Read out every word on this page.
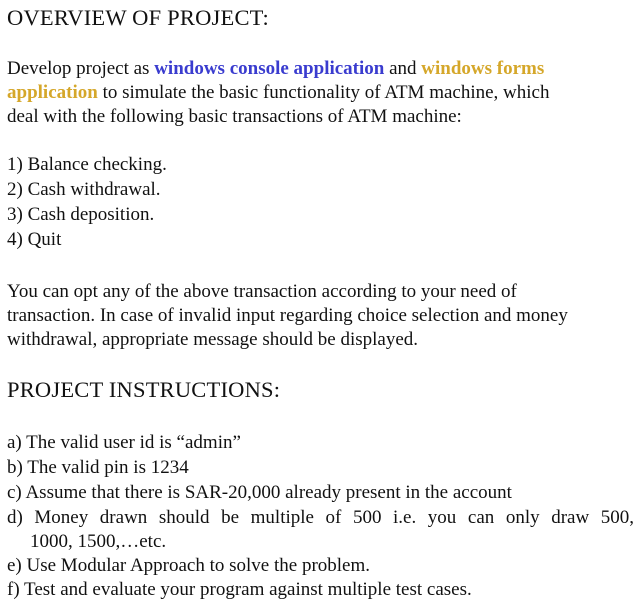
OVERVIEW OF PROJECT:

Develop project as windows console application and windows forms

application to simulate the basic functionality of ATM machine, which

deal with the following basic transactions of ATM machine:

1) Balance checking.

2) Cash withdrawal.

3) Cash deposition.

4) Quit

You can opt any of the above transaction according to your need of

transaction. In case of invalid input regarding choice selection and money

withdrawal, appropriate message should be displayed.

PROJECT INSTRUCTIONS:

a) The valid user id is “admin”

b) The valid pin is 1234

c) Assume that there is SAR-20,000 already present in the account

d) Money drawn should be multiple of 500 i.e. you can only draw 500,

1000, 1500,…etc.

e) Use Modular Approach to solve the problem.

f) Test and evaluate your program against multiple test cases.
